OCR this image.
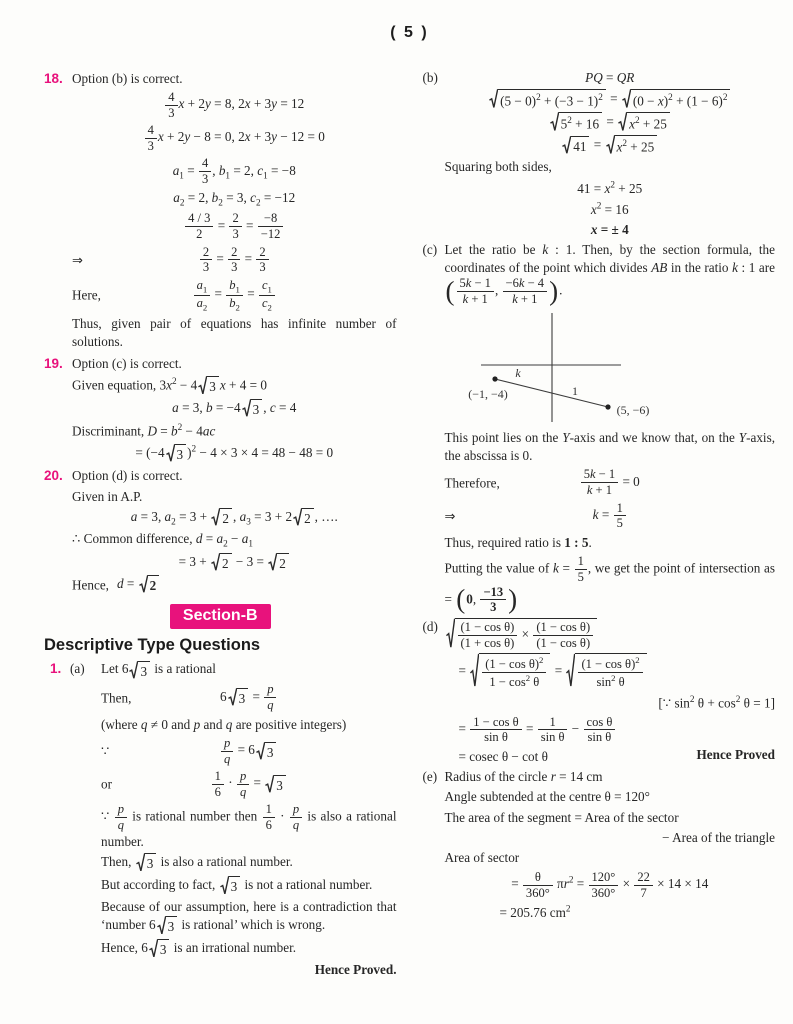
( 5 )
18. Option (b) is correct.
$\frac{4}{3}$ x + 2y = 8, 2x + 3y = 12
$\frac{4}{3}$ x + 2y − 8 = 0, 2x + 3y − 12 = 0
$a_1 = \frac{4}{3}$ , $b_1 = 2$, $c_1 = -8$
$a_2 = 2$, $b_2 = 3$, $c_2 = -12$
$\frac{4 / 3}{2} = \frac{2}{3} = \frac{-8}{-12}$
⇒	$\frac{2}{3} = \frac{2}{3} = \frac{2}{3}$
Here,	$\frac{a_1}{a_2} = \frac{b_1}{b_2} = \frac{c_1}{c_2}$
Thus, given pair of equations has infinite number of solutions.
19. Option (c) is correct.
Given equation, $3x^2 - 4$ 3 x + 4 = 0
a = 3, b = −4 3 , c = 4
Discriminant, $D = b^2 - 4ac$
= (−4 3 )$^2$ − 4 × 3 × 4 = 48 − 48 = 0
20. Option (d) is correct.
Given in A.P.
a = 3, $a_2 = 3$ +
2 , $a_3 = 3 + 2$ 2 , ….
∴ Common difference, $d = a_2 - a_1$
= 3 +
2 − 3 =
2
Hence, d =
2
Section-B
Descriptive Type Questions
1. (a)	Let 6 3 is a rational
Then,	6 $3 = \frac{p}{q}$
(where q ≠ 0 and p and q are positive integers)
∵	$\frac{p}{q} = 6$ 3
or	$\frac{1}{6} \cdot \frac{p}{q}$ =
3
∵ $\frac{p}{q}$ is rational number then $\frac{1}{6} \cdot \frac{p}{q}$ is also a rational number.
Then,
3 is also a rational number.
But according to fact,
3 is not a rational number.
Because of our assumption, here is a contradiction that ‘number 6 3 is rational’ which is wrong.
Hence, 6 3 is an irrational number.
Hence Proved.
(b)	PQ = QR
$(5 - 0)^2 + (-3 - 1)^2$ =
$(0 - x)^2 + (1 - 6)^2$
$5^2 + 16$ =
$x^2 + 25$
41 =
$x^2 + 25$
Squaring both sides,
$41 = x^2 + 25$
$x^2 = 16$
x = ± 4
(c) Let the ratio be k : 1. Then, by the section formula, the coordinates of the point which divides AB in the ratio k : 1 are
( $\frac{5k - 1}{k + 1}$ , $\frac{-6k - 4}{k + 1}$ ) .
k
1
(−1, −4)
(5, −6)
This point lies on the Y-axis and we know that, on the Y-axis, the abscissa is 0.
Therefore,	$\frac{5k - 1}{k + 1} = 0$
⇒	$k = \frac{1}{5}$
Thus, required ratio is 1 : 5.
Putting the value of $k = \frac{1}{5}$ , we get the point of intersection as = ( 0, $\frac{-13}{3}$ )
(d)	$\frac{\text{(1 − cos θ)}}{\text{(1 + cos θ)}} \times \frac{\text{(1 − cos θ)}}{\text{(1 − cos θ)}}$
= $\frac{(1 - \cos \theta)^2}{1 - \cos^2 \theta} = \frac{(1 - \cos \theta)^2}{\sin^2 \theta}$
[∵ $\sin^2 \theta + \cos^2 \theta = 1$]
= $\frac{\text{1 − cos θ}}{\text{sin θ}} = \frac{1}{\text{sin θ}} - \frac{\text{cos θ}}{\text{sin θ}}$
= cosec θ − cot θ	Hence Proved
(e) Radius of the circle r = 14 cm
Angle subtended at the centre θ = 120°
The area of the segment = Area of the sector
− Area of the triangle
Area of sector
= $\frac{\theta}{360^\circ} \pi r^2 = \frac{120^\circ}{360^\circ} \times \frac{22}{7} \times 14 \times 14$
= 205.76 $cm^2$
